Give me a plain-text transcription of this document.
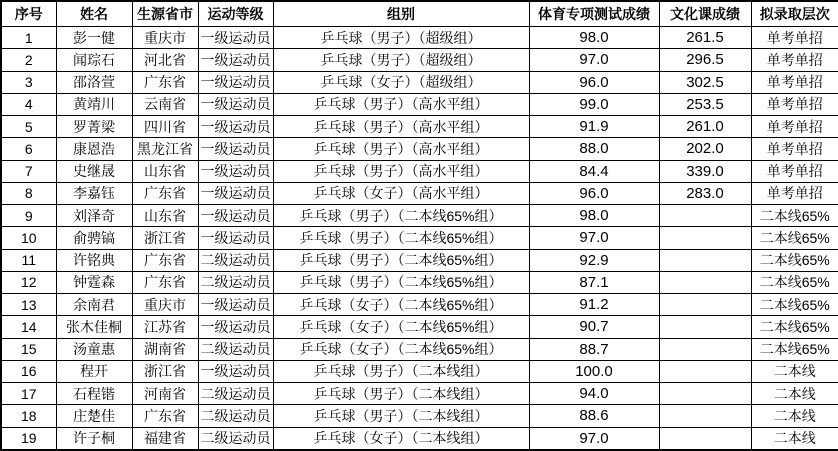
序号	姓名	生源省市	运动等级	组别	体育专项测试成绩	文化课成绩	拟录取层次
1	彭一健	重庆市	一级运动员	乒乓球（男子）（超级组）	98.0	261.5	单考单招
2	闻琮石	河北省	一级运动员	乒乓球（男子）（超级组）	97.0	296.5	单考单招
3	邵洛萱	广东省	一级运动员	乒乓球（女子）（超级组）	96.0	302.5	单考单招
4	黄靖川	云南省	一级运动员	乒乓球（男子）（高水平组）	99.0	253.5	单考单招
5	罗菁梁	四川省	一级运动员	乒乓球（男子）（高水平组）	91.9	261.0	单考单招
6	康恩浩	黑龙江省	一级运动员	乒乓球（男子）（高水平组）	88.0	202.0	单考单招
7	史继晟	山东省	一级运动员	乒乓球（男子）（高水平组）	84.4	339.0	单考单招
8	李嘉钰	广东省	一级运动员	乒乓球（女子）（高水平组）	96.0	283.0	单考单招
9	刘泽奇	山东省	一级运动员	乒乓球（男子）（二本线65%组）	98.0		二本线65%
10	俞骋镐	浙江省	一级运动员	乒乓球（男子）（二本线65%组）	97.0		二本线65%
11	许铭典	广东省	二级运动员	乒乓球（男子）（二本线65%组）	92.9		二本线65%
12	钟霆森	广东省	二级运动员	乒乓球（男子）（二本线65%组）	87.1		二本线65%
13	余南君	重庆市	一级运动员	乒乓球（女子）（二本线65%组）	91.2		二本线65%
14	张木佳桐	江苏省	一级运动员	乒乓球（女子）（二本线65%组）	90.7		二本线65%
15	汤童惠	湖南省	二级运动员	乒乓球（女子）（二本线65%组）	88.7		二本线65%
16	程开	浙江省	一级运动员	乒乓球（男子）（二本线组）	100.0		二本线
17	石程锴	河南省	二级运动员	乒乓球（男子）（二本线组）	94.0		二本线
18	庄楚佳	广东省	二级运动员	乒乓球（男子）（二本线组）	88.6		二本线
19	许子桐	福建省	二级运动员	乒乓球（女子）（二本线组）	97.0		二本线
